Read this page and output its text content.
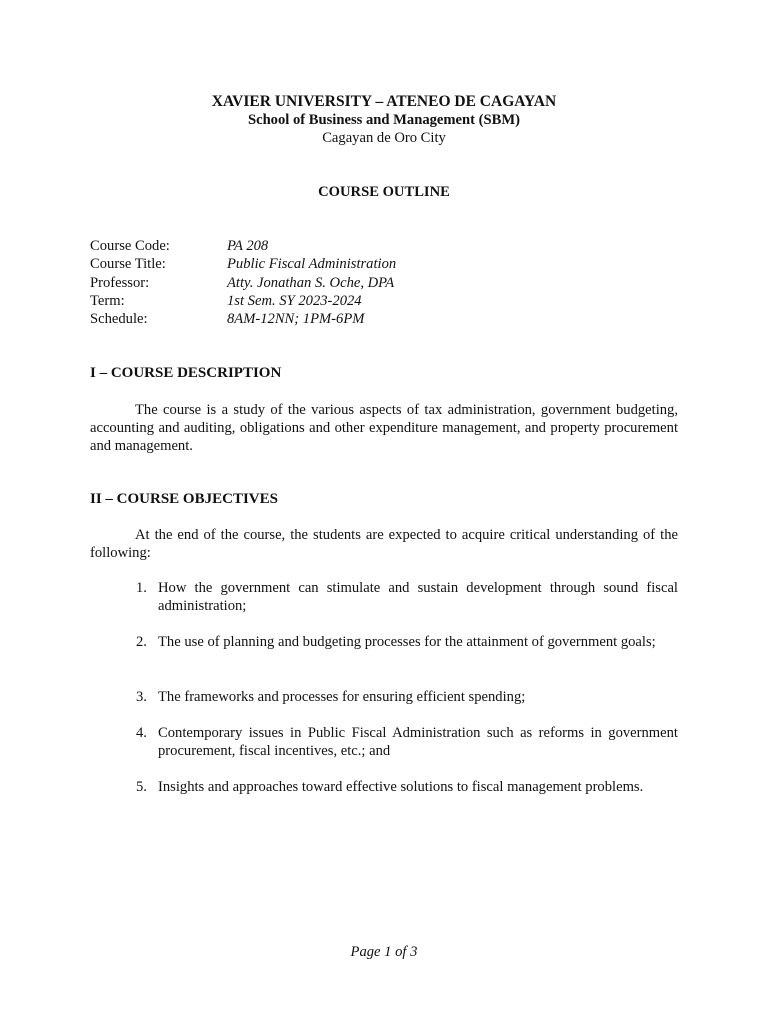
XAVIER UNIVERSITY – ATENEO DE CAGAYAN
School of Business and Management (SBM)
Cagayan de Oro City
COURSE OUTLINE
Course Code:	PA 208
Course Title:	Public Fiscal Administration
Professor:	Atty. Jonathan S. Oche, DPA
Term:	1st Sem. SY 2023-2024
Schedule:	8AM-12NN; 1PM-6PM
I – COURSE DESCRIPTION
The course is a study of the various aspects of tax administration, government budgeting, accounting and auditing, obligations and other expenditure management, and property procurement and management.
II – COURSE OBJECTIVES
At the end of the course, the students are expected to acquire critical understanding of the following:
1. How the government can stimulate and sustain development through sound fiscal administration;
2. The use of planning and budgeting processes for the attainment of government goals;
3. The frameworks and processes for ensuring efficient spending;
4. Contemporary issues in Public Fiscal Administration such as reforms in government procurement, fiscal incentives, etc.; and
5. Insights and approaches toward effective solutions to fiscal management problems.
Page 1 of 3
